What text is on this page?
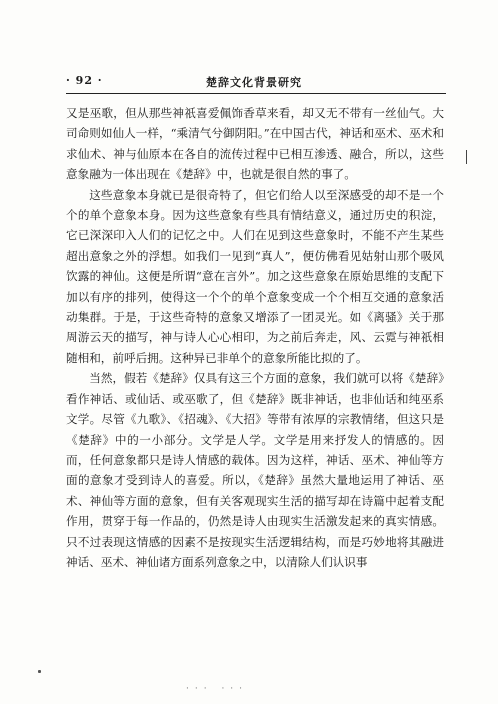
· 92 ·	楚辞文化背景研究

又是巫歌，但从那些神祇喜爱佩饰香草来看，却又无不带有一丝仙气。大司命则如仙人一样，“乘清气兮御阴阳。”在中国古代，神话和巫术、巫术和求仙术、神与仙原本在各自的流传过程中已相互渗透、融合，所以，这些意象融为一体出现在《楚辞》中，也就是很自然的事了。

这些意象本身就已是很奇特了，但它们给人以至深感受的却不是一个个的单个意象本身。因为这些意象有些具有情结意义，通过历史的积淀，它已深深印入人们的记忆之中。人们在见到这些意象时，不能不产生某些超出意象之外的浮想。如我们一见到“真人”，便仿佛看见姑射山那个吸风饮露的神仙。这便是所谓“意在言外”。加之这些意象在原始思维的支配下加以有序的排列，使得这一个个的单个意象变成一个个相互交通的意象活动集群。于是，于这些奇特的意象又增添了一团灵光。如《离骚》关于那周游云天的描写，神与诗人心心相印，为之前后奔走，风、云霓与神祇相随相和，前呼后拥。这种异已非单个的意象所能比拟的了。

当然，假若《楚辞》仅具有这三个方面的意象，我们就可以将《楚辞》看作神话、或仙话、或巫歌了，但《楚辞》既非神话，也非仙话和纯巫系文学。尽管《九歌》、《招魂》、《大招》等带有浓厚的宗教情绪，但这只是《楚辞》中的一小部分。文学是人学。文学是用来抒发人的情感的。因而，任何意象都只是诗人情感的载体。因为这样，神话、巫术、神仙等方面的意象才受到诗人的喜爱。所以，《楚辞》虽然大量地运用了神话、巫术、神仙等方面的意象，但有关客观现实生活的描写却在诗篇中起着支配作用，贯穿于每一作品的，仍然是诗人由现实生活激发起来的真实情感。只不过表现这情感的因素不是按现实生活逻辑结构，而是巧妙地将其融进神话、巫术、神仙诸方面系列意象之中，以清除人们认识事

··· ···
